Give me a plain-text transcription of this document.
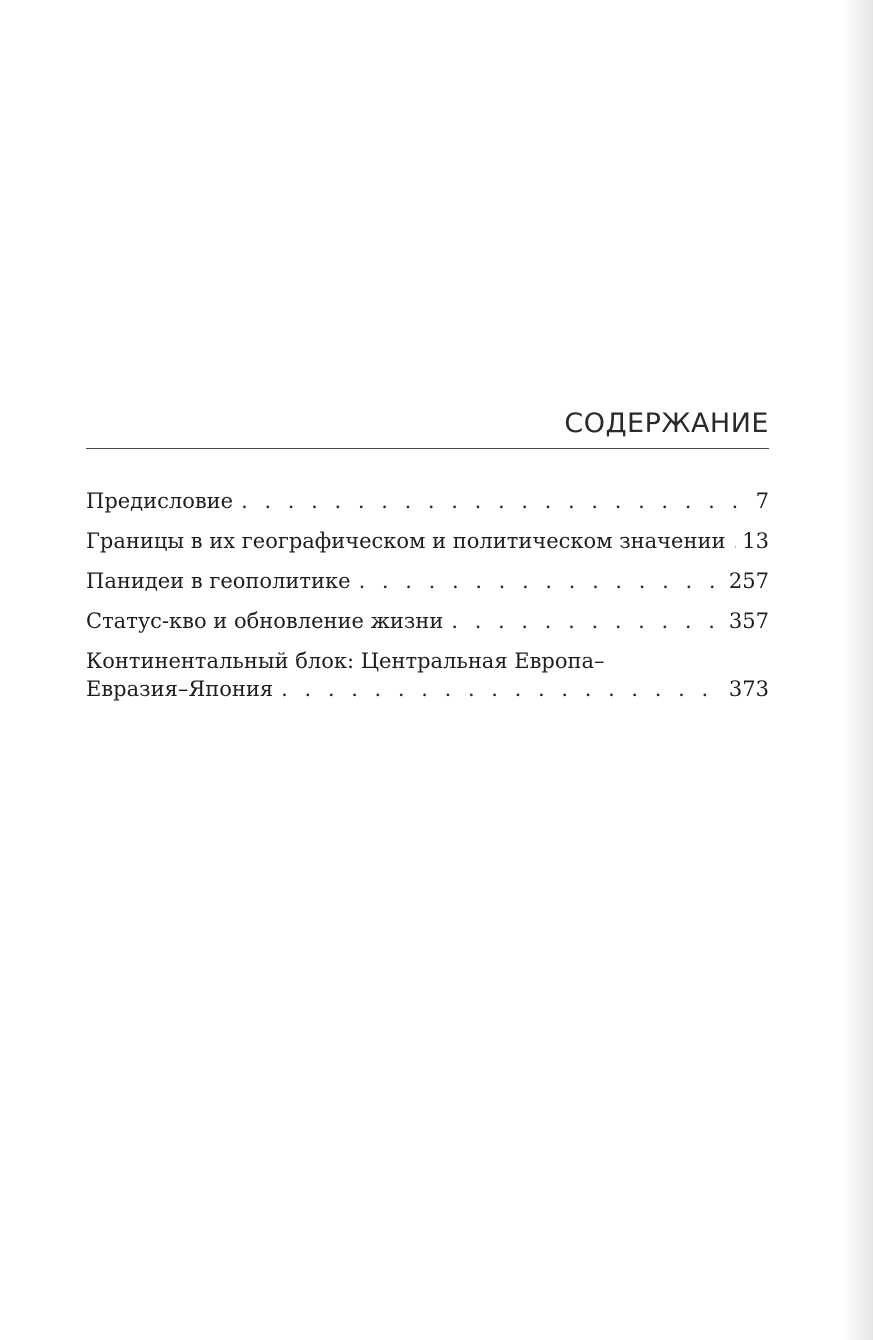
СОДЕРЖАНИЕ
Предисловие . . .	7
Границы в их географическом и политическом значении . . . 13
Панидеи в геополитике . . .	257
Статус-кво и обновление жизни . . .	357
Континентальный блок: Центральная Европа–
Евразия–Япония . . .	373
